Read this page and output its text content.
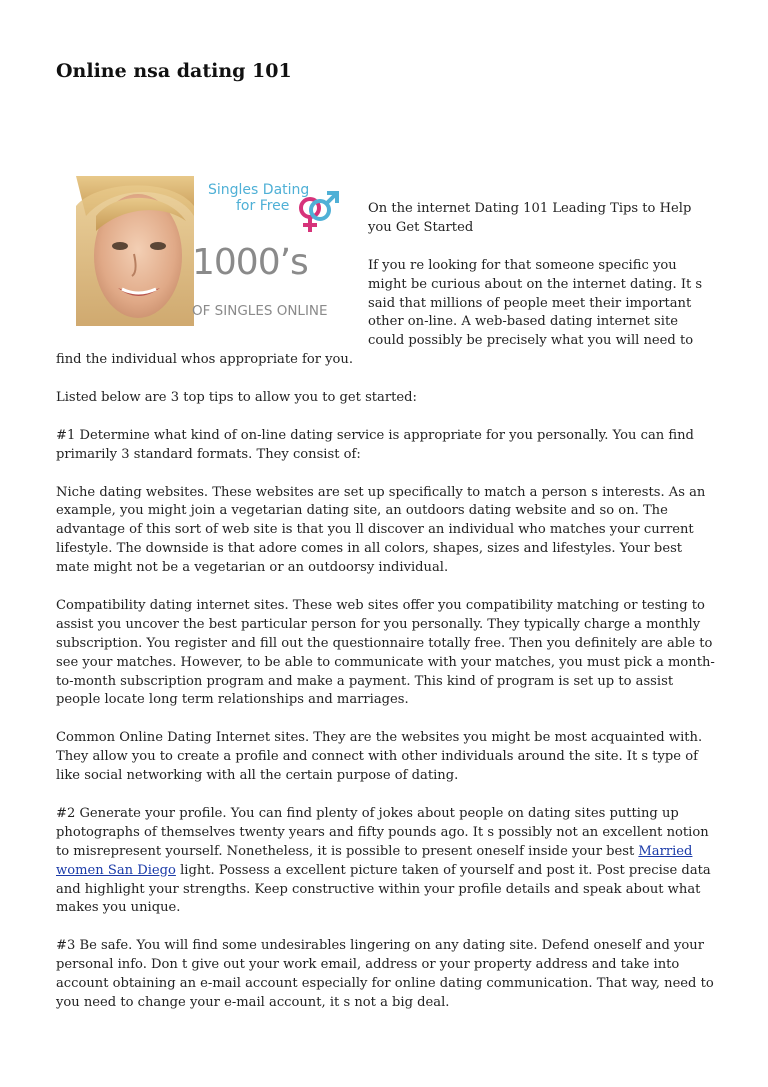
Online nsa dating 101
Singles Dating
for Free
1000’s
OF SINGLES ONLINE

On the internet Dating 101 Leading Tips to Help you Get Started

If you re looking for that someone specific you might be curious about on the internet dating. It s said that millions of people meet their important other on-line. A web-based dating internet site could possibly be precisely what you will need to find the individual whos appropriate for you.

Listed below are 3 top tips to allow you to get started:

#1 Determine what kind of on-line dating service is appropriate for you personally. You can find primarily 3 standard formats. They consist of:

Niche dating websites. These websites are set up specifically to match a person s interests. As an example, you might join a vegetarian dating site, an outdoors dating website and so on. The advantage of this sort of web site is that you ll discover an individual who matches your current lifestyle. The downside is that adore comes in all colors, shapes, sizes and lifestyles. Your best mate might not be a vegetarian or an outdoorsy individual.

Compatibility dating internet sites. These web sites offer you compatibility matching or testing to assist you uncover the best particular person for you personally. They typically charge a monthly subscription. You register and fill out the questionnaire totally free. Then you definitely are able to see your matches. However, to be able to communicate with your matches, you must pick a month-to-month subscription program and make a payment. This kind of program is set up to assist people locate long term relationships and marriages.

Common Online Dating Internet sites. They are the websites you might be most acquainted with. They allow you to create a profile and connect with other individuals around the site. It s type of like social networking with all the certain purpose of dating.

#2 Generate your profile. You can find plenty of jokes about people on dating sites putting up photographs of themselves twenty years and fifty pounds ago. It s possibly not an excellent notion to misrepresent yourself. Nonetheless, it is possible to present oneself inside your best Married women San Diego light. Possess a excellent picture taken of yourself and post it. Post precise data and highlight your strengths. Keep constructive within your profile details and speak about what makes you unique.

#3 Be safe. You will find some undesirables lingering on any dating site. Defend oneself and your personal info. Don t give out your work email, address or your property address and take into account obtaining an e-mail account especially for online dating communication. That way, need to you need to change your e-mail account, it s not a big deal.
